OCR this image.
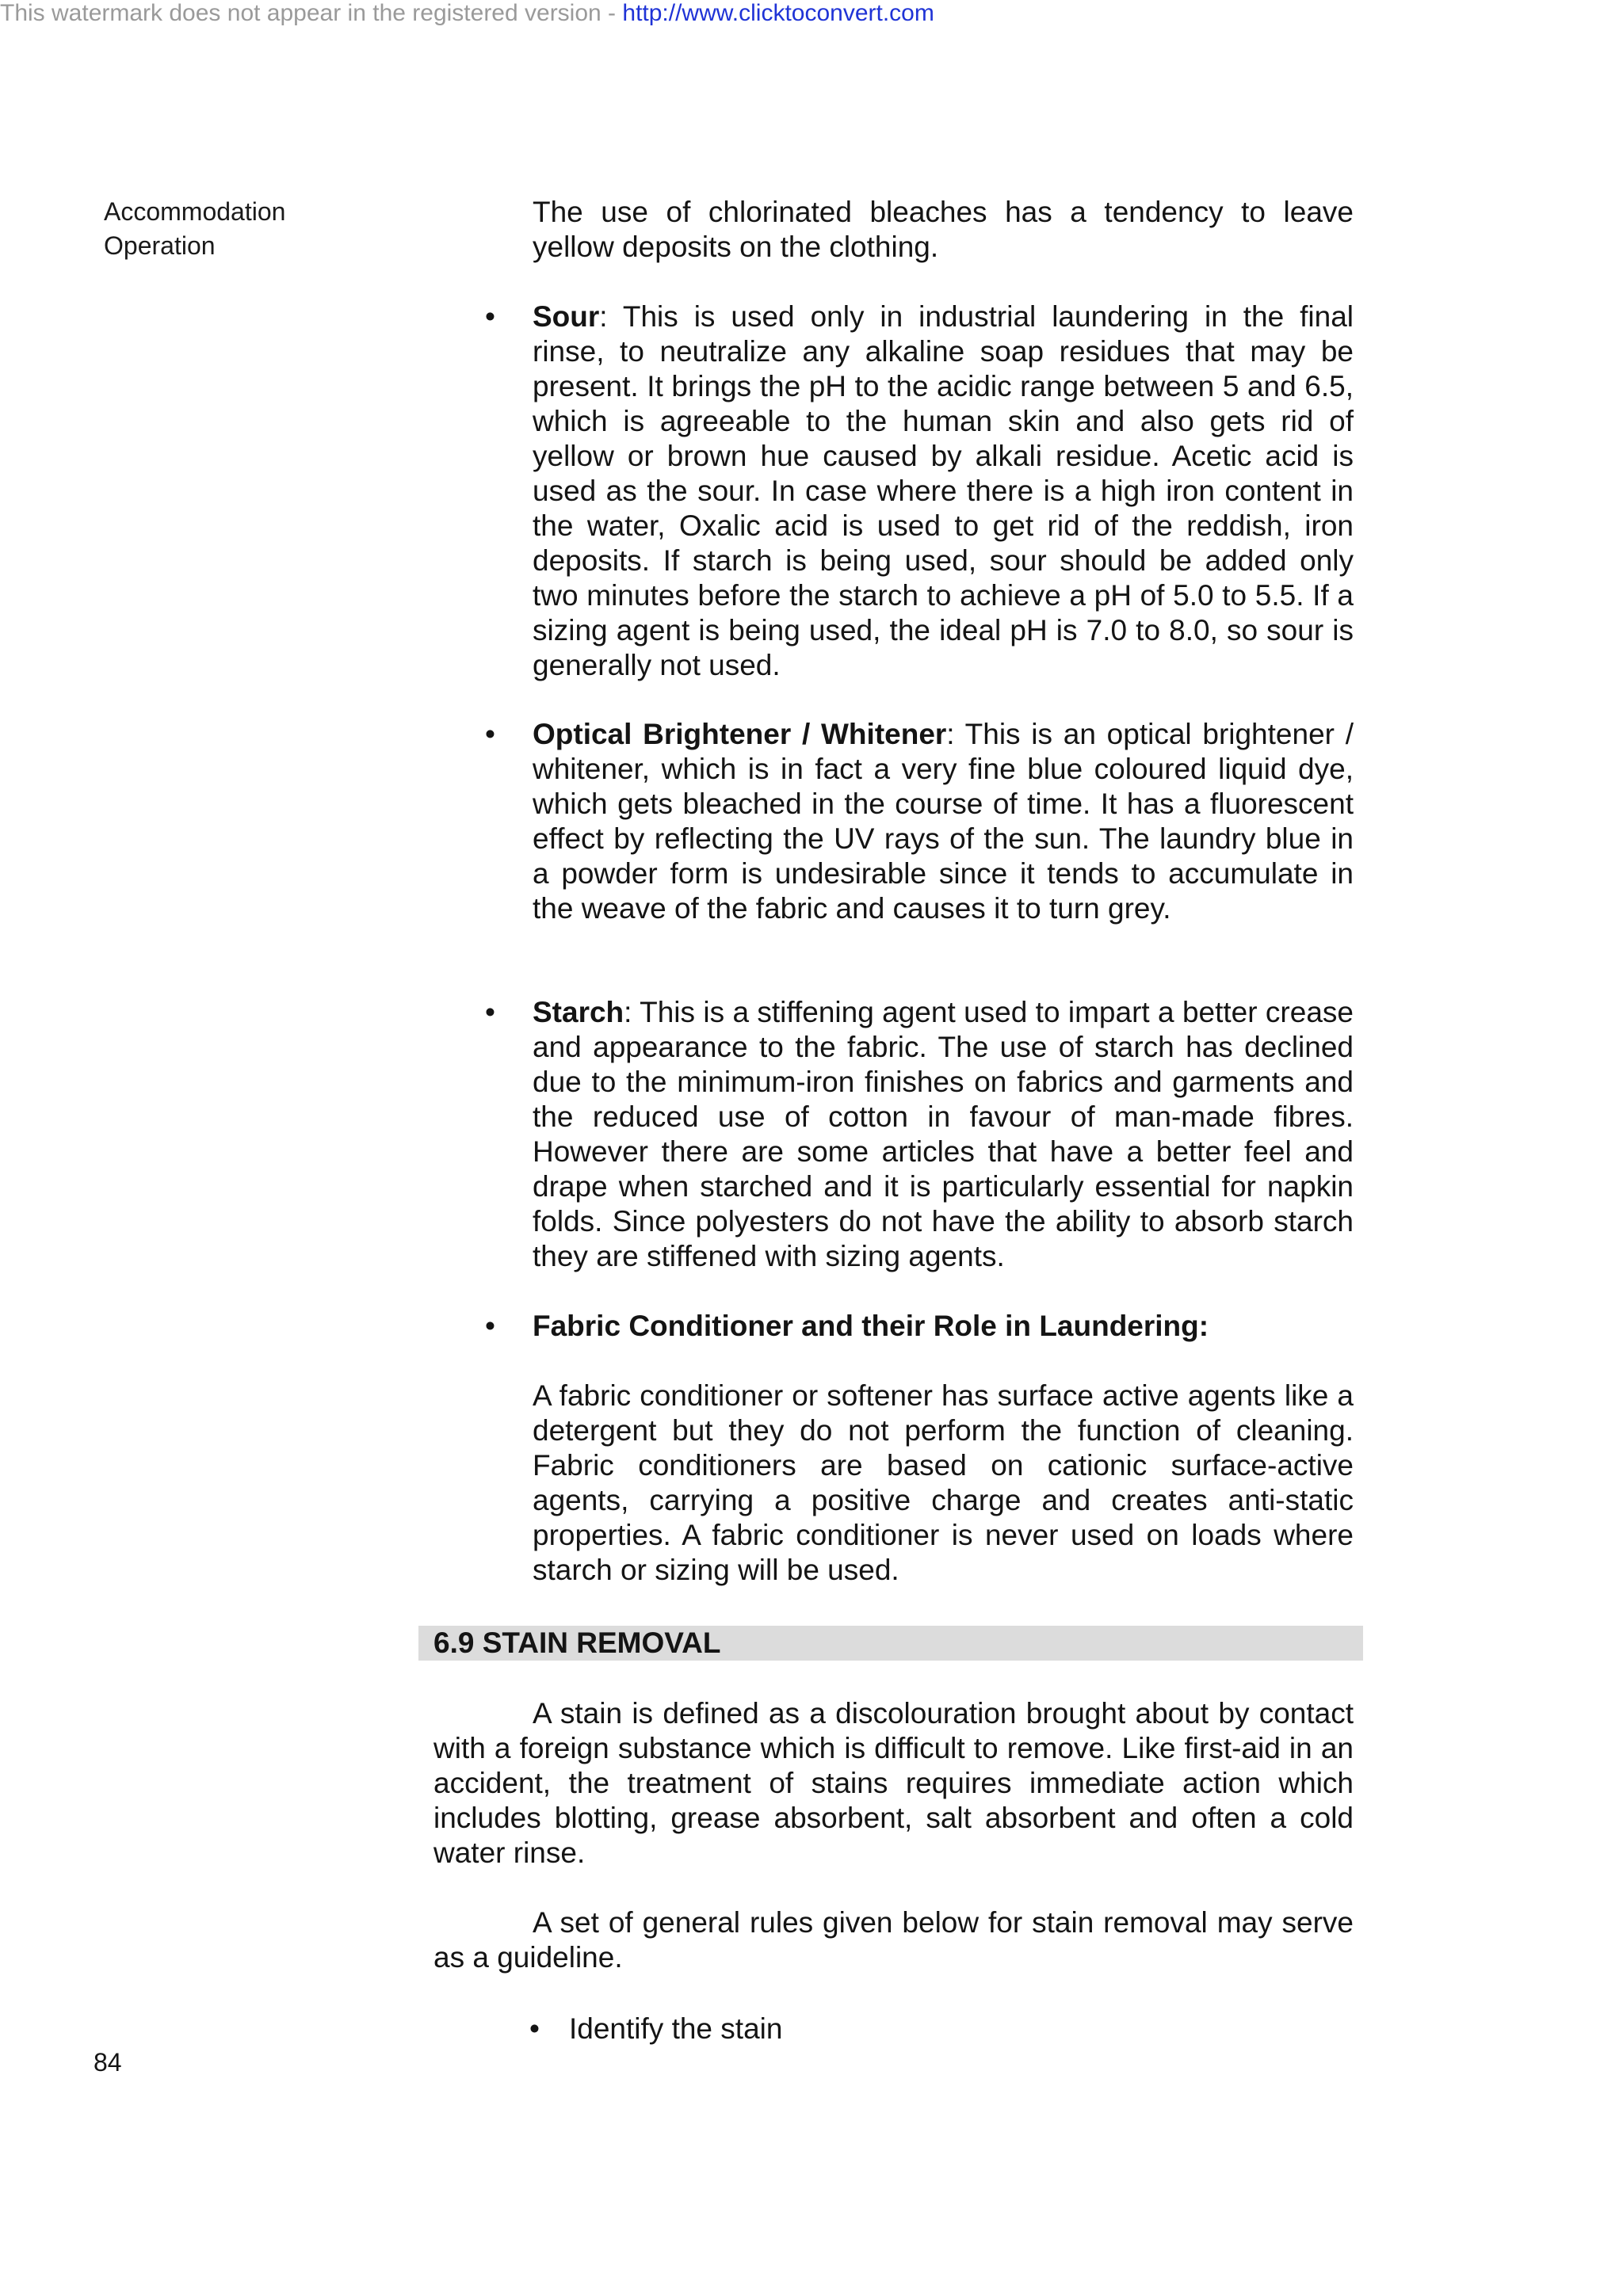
This watermark does not appear in the registered version - http://www.clicktoconvert.com
Accommodation
Operation

The use of chlorinated bleaches has a tendency to leave yellow deposits on the clothing.

• Sour: This is used only in industrial laundering in the final rinse, to neutralize any alkaline soap residues that may be present. It brings the pH to the acidic range between 5 and 6.5, which is agreeable to the human skin and also gets rid of yellow or brown hue caused by alkali residue. Acetic acid is used as the sour. In case where there is a high iron content in the water, Oxalic acid is used to get rid of the reddish, iron deposits. If starch is being used, sour should be added only two minutes before the starch to achieve a pH of 5.0 to 5.5. If a sizing agent is being used, the ideal pH is 7.0 to 8.0, so sour is generally not used.

• Optical Brightener / Whitener: This is an optical brightener / whitener, which is in fact a very fine blue coloured liquid dye, which gets bleached in the course of time. It has a fluorescent effect by reflecting the UV rays of the sun. The laundry blue in a powder form is undesirable since it tends to accumulate in the weave of the fabric and causes it to turn grey.

• Starch: This is a stiffening agent used to impart a better crease and appearance to the fabric. The use of starch has declined due to the minimum-iron finishes on fabrics and garments and the reduced use of cotton in favour of man-made fibres. However there are some articles that have a better feel and drape when starched and it is particularly essential for napkin folds. Since polyesters do not have the ability to absorb starch they are stiffened with sizing agents.

• Fabric Conditioner and their Role in Laundering:

A fabric conditioner or softener has surface active agents like a detergent but they do not perform the function of cleaning. Fabric conditioners are based on cationic surface-active agents, carrying a positive charge and creates anti-static properties. A fabric conditioner is never used on loads where starch or sizing will be used.

6.9 STAIN REMOVAL

A stain is defined as a discolouration brought about by contact with a foreign substance which is difficult to remove. Like first-aid in an accident, the treatment of stains requires immediate action which includes blotting, grease absorbent, salt absorbent and often a cold water rinse.

A set of general rules given below for stain removal may serve as a guideline.

• Identify the stain
84
